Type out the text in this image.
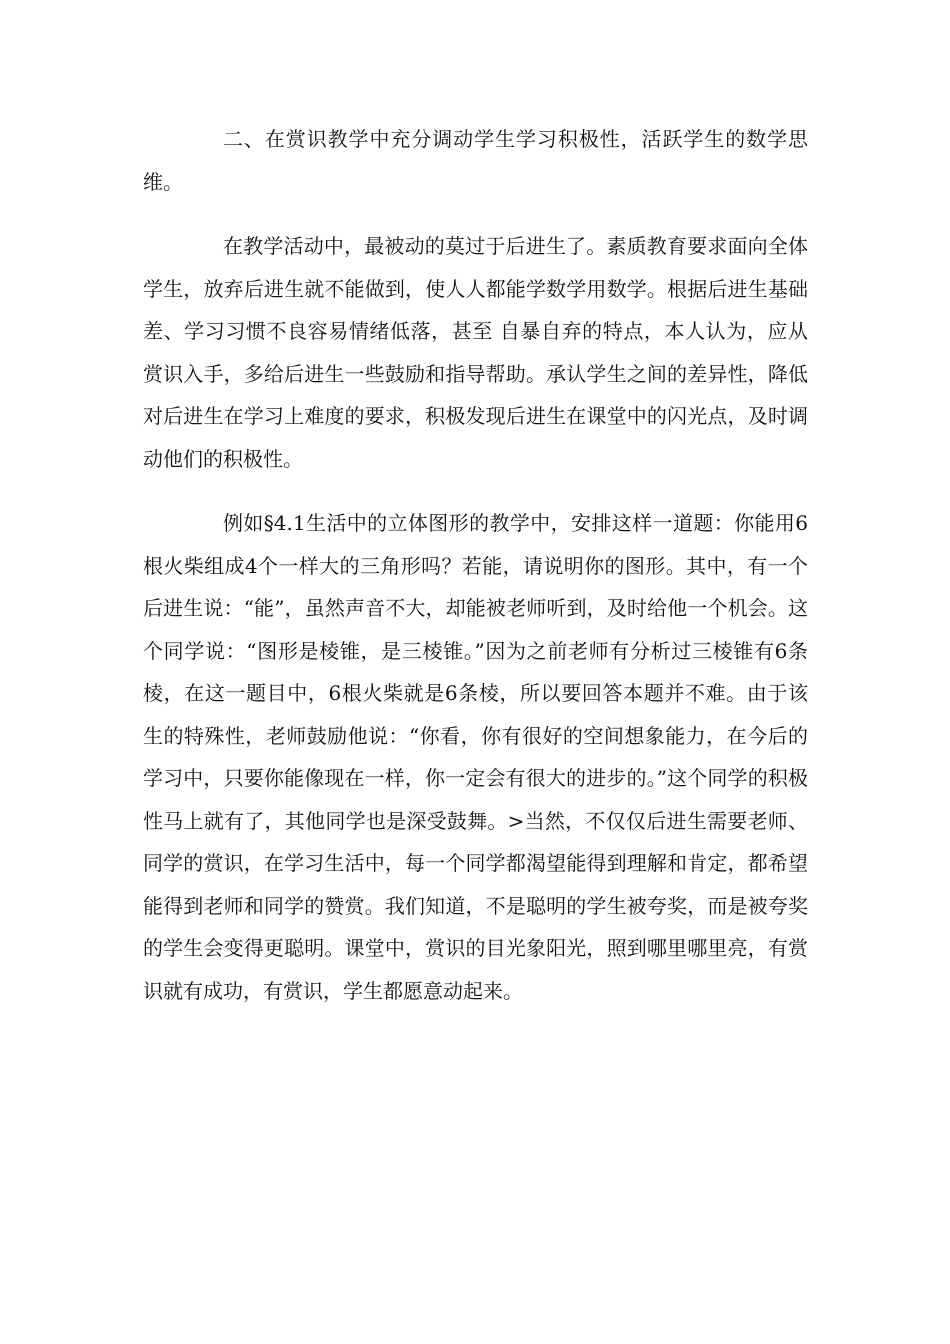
二、在赏识教学中充分调动学生学习积极性，活跃学生的数学思维。

在教学活动中，最被动的莫过于后进生了。素质教育要求面向全体学生，放弃后进生就不能做到，使人人都能学数学用数学。根据后进生基础差、学习习惯不良容易情绪低落，甚至 自暴自弃的特点，本人认为，应从赏识入手，多给后进生一些鼓励和指导帮助。承认学生之间的差异性，降低对后进生在学习上难度的要求，积极发现后进生在课堂中的闪光点，及时调动他们的积极性。

例如§4.1生活中的立体图形的教学中，安排这样一道题：你能用6根火柴组成4个一样大的三角形吗？若能，请说明你的图形。其中，有一个后进生说：“能”，虽然声音不大，却能被老师听到，及时给他一个机会。这个同学说：“图形是棱锥，是三棱锥。”因为之前老师有分析过三棱锥有6条棱，在这一题目中，6根火柴就是6条棱，所以要回答本题并不难。由于该生的特殊性，老师鼓励他说：“你看，你有很好的空间想象能力，在今后的学习中，只要你能像现在一样，你一定会有很大的进步的。”这个同学的积极性马上就有了，其他同学也是深受鼓舞。>当然，不仅仅后进生需要老师、同学的赏识，在学习生活中，每一个同学都渴望能得到理解和肯定，都希望能得到老师和同学的赞赏。我们知道，不是聪明的学生被夸奖，而是被夸奖的学生会变得更聪明。课堂中，赏识的目光象阳光，照到哪里哪里亮，有赏识就有成功，有赏识，学生都愿意动起来。
